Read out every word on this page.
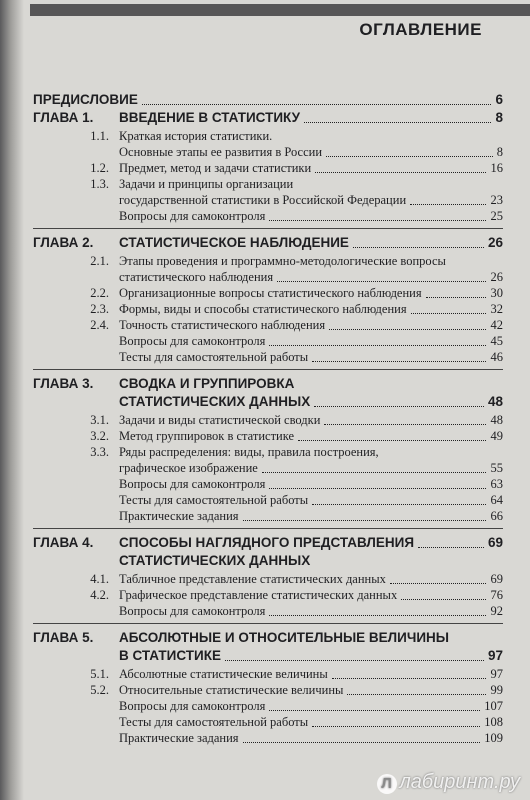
ОГЛАВЛЕНИЕ
ПРЕДИСЛОВИЕ	6
ГЛАВА 1. ВВЕДЕНИЕ В СТАТИСТИКУ	8
1.1. Краткая история статистики.
Основные этапы ее развития в России	8
1.2. Предмет, метод и задачи статистики	16
1.3. Задачи и принципы организации
государственной статистики в Российской Федерации	23
Вопросы для самоконтроля	25
ГЛАВА 2. СТАТИСТИЧЕСКОЕ НАБЛЮДЕНИЕ	26
2.1. Этапы проведения и программно-методологические вопросы
статистического наблюдения	26
2.2. Организационные вопросы статистического наблюдения	30
2.3. Формы, виды и способы статистического наблюдения	32
2.4. Точность статистического наблюдения	42
Вопросы для самоконтроля	45
Тесты для самостоятельной работы	46
ГЛАВА 3. СВОДКА И ГРУППИРОВКА
СТАТИСТИЧЕСКИХ ДАННЫХ	48
3.1. Задачи и виды статистической сводки	48
3.2. Метод группировок в статистике	49
3.3. Ряды распределения: виды, правила построения,
графическое изображение	55
Вопросы для самоконтроля	63
Тесты для самостоятельной работы	64
Практические задания	66
ГЛАВА 4. СПОСОБЫ НАГЛЯДНОГО ПРЕДСТАВЛЕНИЯ	69
СТАТИСТИЧЕСКИХ ДАННЫХ
4.1. Табличное представление статистических данных	69
4.2. Графическое представление статистических данных	76
Вопросы для самоконтроля	92
ГЛАВА 5. АБСОЛЮТНЫЕ И ОТНОСИТЕЛЬНЫЕ ВЕЛИЧИНЫ
В СТАТИСТИКЕ	97
5.1. Абсолютные статистические величины	97
5.2. Относительные статистические величины	99
Вопросы для самоконтроля	107
Тесты для самостоятельной работы	108
Практические задания	109
Л лабиринт.ру
